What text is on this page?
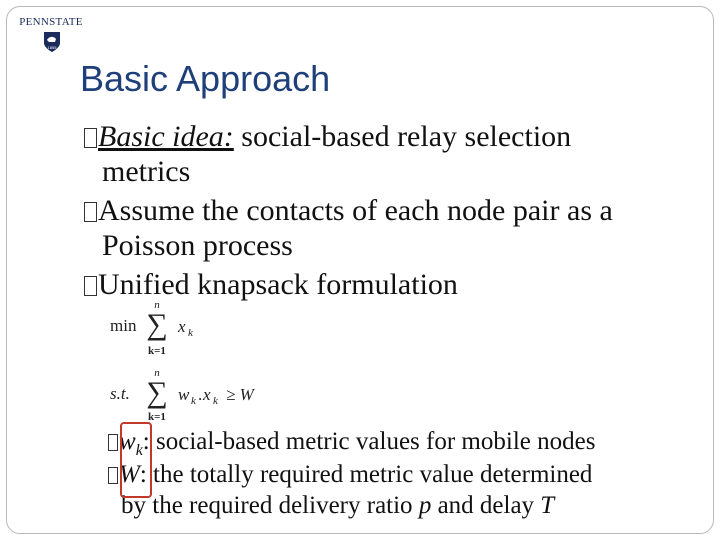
PENNSTATE
1855
Basic Approach
Basic idea: social-based relay selection
metrics
Assume the contacts of each node pair as a
Poisson process
Unified knapsack formulation
min
n
∑
k=1
x k
s.t.
n
∑
k=1
w k . x k ≥ W
$w_k$: social-based metric values for mobile nodes
W: the totally required metric value determined
by the required delivery ratio p and delay T
